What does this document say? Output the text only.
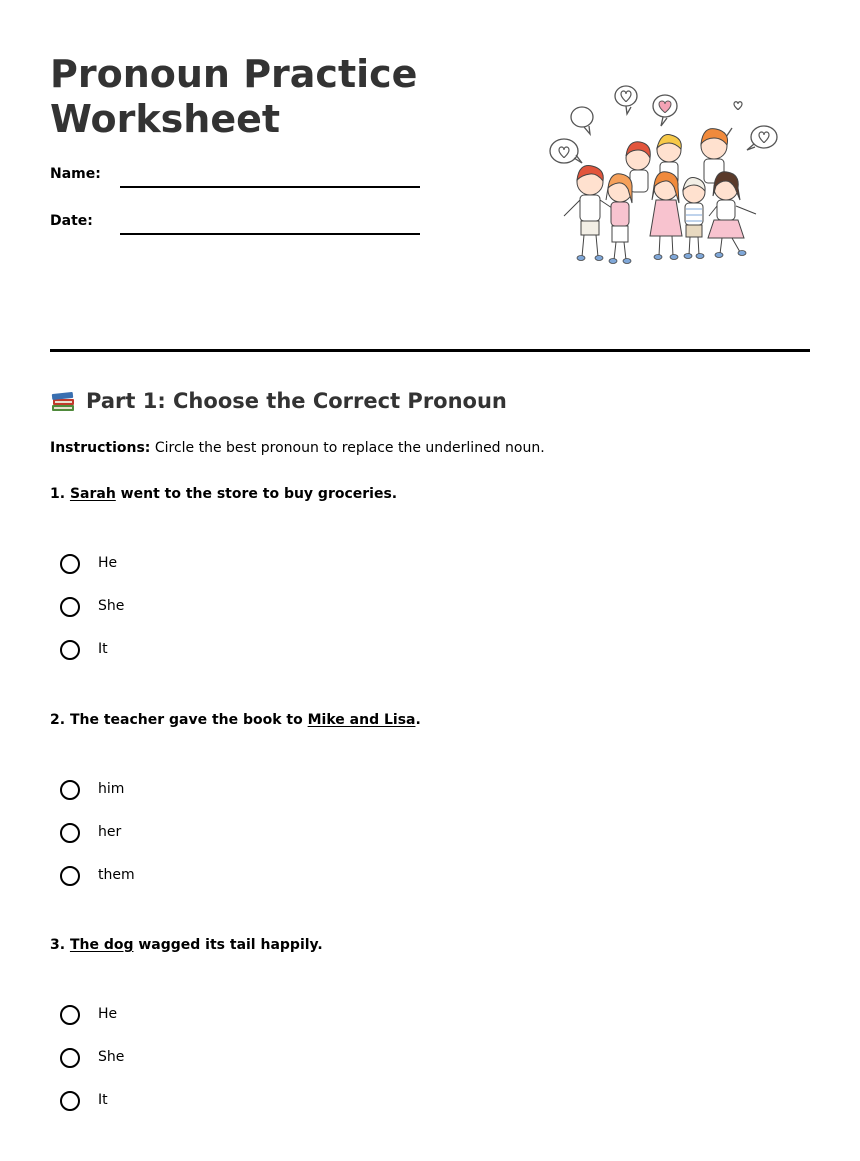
Pronoun Practice Worksheet
Name:
Date:
Part 1: Choose the Correct Pronoun
Instructions: Circle the best pronoun to replace the underlined noun.
1. Sarah went to the store to buy groceries.
He
She
It
2. The teacher gave the book to Mike and Lisa.
him
her
them
3. The dog wagged its tail happily.
He
She
It
